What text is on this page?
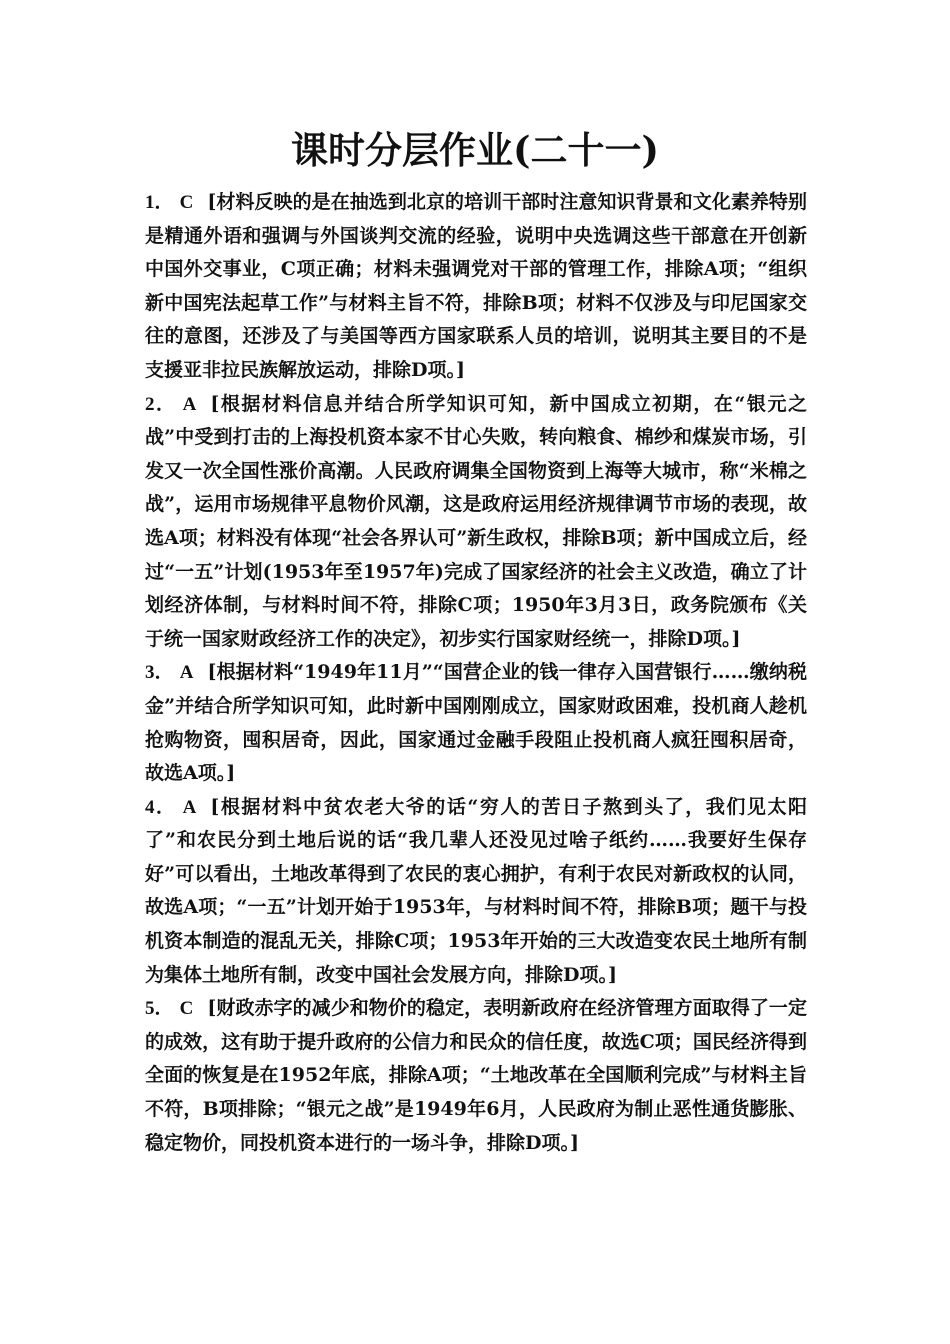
课时分层作业(二十一)

1． C [材料反映的是在抽选到北京的培训干部时注意知识背景和文化素养特别是精通外语和强调与外国谈判交流的经验，说明中央选调这些干部意在开创新中国外交事业，C项正确；材料未强调党对干部的管理工作，排除A项；“组织新中国宪法起草工作”与材料主旨不符，排除B项；材料不仅涉及与印尼国家交往的意图，还涉及了与美国等西方国家联系人员的培训，说明其主要目的不是支援亚非拉民族解放运动，排除D项。]

2． A [根据材料信息并结合所学知识可知，新中国成立初期，在“银元之战”中受到打击的上海投机资本家不甘心失败，转向粮食、棉纱和煤炭市场，引发又一次全国性涨价高潮。人民政府调集全国物资到上海等大城市，称“米棉之战”，运用市场规律平息物价风潮，这是政府运用经济规律调节市场的表现，故选A项；材料没有体现“社会各界认可”新生政权，排除B项；新中国成立后，经过“一五”计划(1953年至1957年)完成了国家经济的社会主义改造，确立了计划经济体制，与材料时间不符，排除C项；1950年3月3日，政务院颁布《关于统一国家财政经济工作的决定》，初步实行国家财经统一，排除D项。]

3． A [根据材料“1949年11月”“国营企业的钱一律存入国营银行……缴纳税金”并结合所学知识可知，此时新中国刚刚成立，国家财政困难，投机商人趁机抢购物资，囤积居奇，因此，国家通过金融手段阻止投机商人疯狂囤积居奇，故选A项。]

4． A [根据材料中贫农老大爷的话“穷人的苦日子熬到头了，我们见太阳了”和农民分到土地后说的话“我几辈人还没见过啥子纸约……我要好生保存好”可以看出，土地改革得到了农民的衷心拥护，有利于农民对新政权的认同，故选A项；“一五”计划开始于1953年，与材料时间不符，排除B项；题干与投机资本制造的混乱无关，排除C项；1953年开始的三大改造变农民土地所有制为集体土地所有制，改变中国社会发展方向，排除D项。]

5． C [财政赤字的减少和物价的稳定，表明新政府在经济管理方面取得了一定的成效，这有助于提升政府的公信力和民众的信任度，故选C项；国民经济得到全面的恢复是在1952年底，排除A项；“土地改革在全国顺利完成”与材料主旨不符，B项排除；“银元之战”是1949年6月，人民政府为制止恶性通货膨胀、稳定物价，同投机资本进行的一场斗争，排除D项。]
